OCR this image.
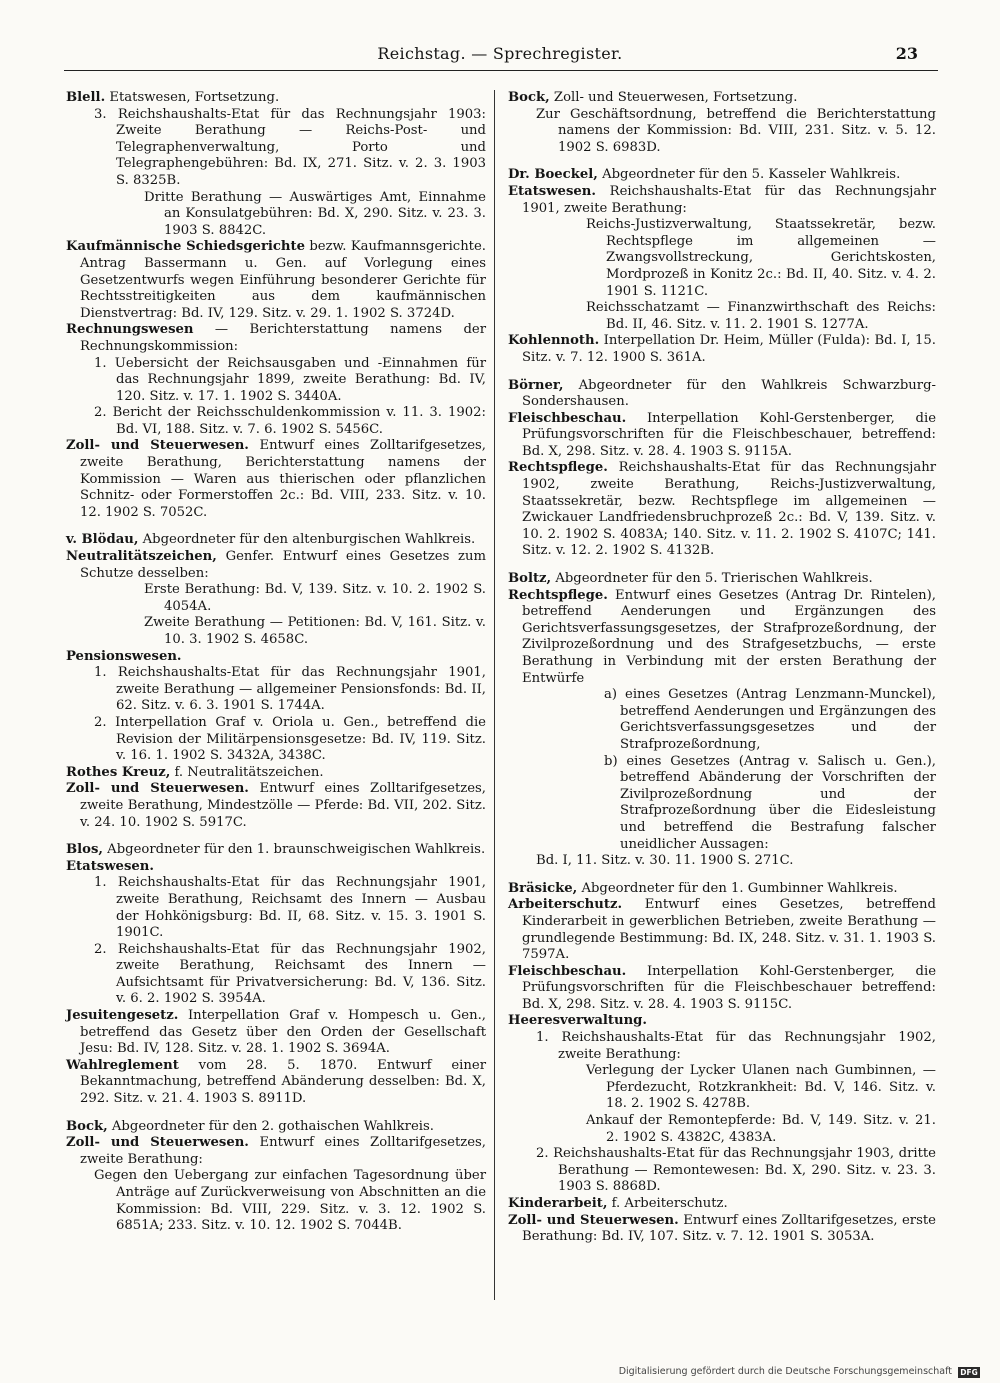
Reichstag. — Sprechregister.	23

Blell. Etatswesen, Fortsetzung.

3. Reichshaushalts-Etat für das Rechnungsjahr 1903: Zweite Berathung — Reichs-Post- und Telegraphenverwaltung, Porto und Telegraphengebühren: Bd. IX, 271. Sitz. v. 2. 3. 1903 S. 8325B.

Dritte Berathung — Auswärtiges Amt, Einnahme an Konsulatgebühren: Bd. X, 290. Sitz. v. 23. 3. 1903 S. 8842C.

Kaufmännische Schiedsgerichte bezw. Kaufmannsgerichte. Antrag Bassermann u. Gen. auf Vorlegung eines Gesetzentwurfs wegen Einführung besonderer Gerichte für Rechtsstreitigkeiten aus dem kaufmännischen Dienstvertrag: Bd. IV, 129. Sitz. v. 29. 1. 1902 S. 3724D.

Rechnungswesen — Berichterstattung namens der Rechnungskommission:

1. Uebersicht der Reichsausgaben und -Einnahmen für das Rechnungsjahr 1899, zweite Berathung: Bd. IV, 120. Sitz. v. 17. 1. 1902 S. 3440A.

2. Bericht der Reichsschuldenkommission v. 11. 3. 1902: Bd. VI, 188. Sitz. v. 7. 6. 1902 S. 5456C.

Zoll- und Steuerwesen. Entwurf eines Zolltarifgesetzes, zweite Berathung, Berichterstattung namens der Kommission — Waren aus thierischen oder pflanzlichen Schnitz- oder Formerstoffen 2c.: Bd. VIII, 233. Sitz. v. 10. 12. 1902 S. 7052C.

v. Blödau, Abgeordneter für den altenburgischen Wahlkreis.

Neutralitätszeichen, Genfer. Entwurf eines Gesetzes zum Schutze desselben:

Erste Berathung: Bd. V, 139. Sitz. v. 10. 2. 1902 S. 4054A.

Zweite Berathung — Petitionen: Bd. V, 161. Sitz. v. 10. 3. 1902 S. 4658C.

Pensionswesen.

1. Reichshaushalts-Etat für das Rechnungsjahr 1901, zweite Berathung — allgemeiner Pensionsfonds: Bd. II, 62. Sitz. v. 6. 3. 1901 S. 1744A.

2. Interpellation Graf v. Oriola u. Gen., betreffend die Revision der Militärpensionsgesetze: Bd. IV, 119. Sitz. v. 16. 1. 1902 S. 3432A, 3438C.

Rothes Kreuz, f. Neutralitätszeichen.

Zoll- und Steuerwesen. Entwurf eines Zolltarifgesetzes, zweite Berathung, Mindestzölle — Pferde: Bd. VII, 202. Sitz. v. 24. 10. 1902 S. 5917C.

Blos, Abgeordneter für den 1. braunschweigischen Wahlkreis.

Etatswesen.

1. Reichshaushalts-Etat für das Rechnungsjahr 1901, zweite Berathung, Reichsamt des Innern — Ausbau der Hohkönigsburg: Bd. II, 68. Sitz. v. 15. 3. 1901 S. 1901C.

2. Reichshaushalts-Etat für das Rechnungsjahr 1902, zweite Berathung, Reichsamt des Innern — Aufsichtsamt für Privatversicherung: Bd. V, 136. Sitz. v. 6. 2. 1902 S. 3954A.

Jesuitengesetz. Interpellation Graf v. Hompesch u. Gen., betreffend das Gesetz über den Orden der Gesellschaft Jesu: Bd. IV, 128. Sitz. v. 28. 1. 1902 S. 3694A.

Wahlreglement vom 28. 5. 1870. Entwurf einer Bekanntmachung, betreffend Abänderung desselben: Bd. X, 292. Sitz. v. 21. 4. 1903 S. 8911D.

Bock, Abgeordneter für den 2. gothaischen Wahlkreis.

Zoll- und Steuerwesen. Entwurf eines Zolltarifgesetzes, zweite Berathung:

Gegen den Uebergang zur einfachen Tagesordnung über Anträge auf Zurückverweisung von Abschnitten an die Kommission: Bd. VIII, 229. Sitz. v. 3. 12. 1902 S. 6851A; 233. Sitz. v. 10. 12. 1902 S. 7044B.

Bock, Zoll- und Steuerwesen, Fortsetzung.

Zur Geschäftsordnung, betreffend die Berichterstattung namens der Kommission: Bd. VIII, 231. Sitz. v. 5. 12. 1902 S. 6983D.

Dr. Boeckel, Abgeordneter für den 5. Kasseler Wahlkreis.

Etatswesen. Reichshaushalts-Etat für das Rechnungsjahr 1901, zweite Berathung:

Reichs-Justizverwaltung, Staatssekretär, bezw. Rechtspflege im allgemeinen — Zwangsvollstreckung, Gerichtskosten, Mordprozeß in Konitz 2c.: Bd. II, 40. Sitz. v. 4. 2. 1901 S. 1121C.

Reichsschatzamt — Finanzwirthschaft des Reichs: Bd. II, 46. Sitz. v. 11. 2. 1901 S. 1277A.

Kohlennoth. Interpellation Dr. Heim, Müller (Fulda): Bd. I, 15. Sitz. v. 7. 12. 1900 S. 361A.

Börner, Abgeordneter für den Wahlkreis Schwarzburg-Sondershausen.

Fleischbeschau. Interpellation Kohl-Gerstenberger, die Prüfungsvorschriften für die Fleischbeschauer, betreffend: Bd. X, 298. Sitz. v. 28. 4. 1903 S. 9115A.

Rechtspflege. Reichshaushalts-Etat für das Rechnungsjahr 1902, zweite Berathung, Reichs-Justizverwaltung, Staatssekretär, bezw. Rechtspflege im allgemeinen — Zwickauer Landfriedensbruchprozeß 2c.: Bd. V, 139. Sitz. v. 10. 2. 1902 S. 4083A; 140. Sitz. v. 11. 2. 1902 S. 4107C; 141. Sitz. v. 12. 2. 1902 S. 4132B.

Boltz, Abgeordneter für den 5. Trierischen Wahlkreis.

Rechtspflege. Entwurf eines Gesetzes (Antrag Dr. Rintelen), betreffend Aenderungen und Ergänzungen des Gerichtsverfassungsgesetzes, der Strafprozeßordnung, der Zivilprozeßordnung und des Strafgesetzbuchs, — erste Berathung in Verbindung mit der ersten Berathung der Entwürfe

a) eines Gesetzes (Antrag Lenzmann-Munckel), betreffend Aenderungen und Ergänzungen des Gerichtsverfassungsgesetzes und der Strafprozeßordnung,

b) eines Gesetzes (Antrag v. Salisch u. Gen.), betreffend Abänderung der Vorschriften der Zivilprozeßordnung und der Strafprozeßordnung über die Eidesleistung und betreffend die Bestrafung falscher uneidlicher Aussagen:

Bd. I, 11. Sitz. v. 30. 11. 1900 S. 271C.

Bräsicke, Abgeordneter für den 1. Gumbinner Wahlkreis.

Arbeiterschutz. Entwurf eines Gesetzes, betreffend Kinderarbeit in gewerblichen Betrieben, zweite Berathung — grundlegende Bestimmung: Bd. IX, 248. Sitz. v. 31. 1. 1903 S. 7597A.

Fleischbeschau. Interpellation Kohl-Gerstenberger, die Prüfungsvorschriften für die Fleischbeschauer betreffend: Bd. X, 298. Sitz. v. 28. 4. 1903 S. 9115C.

Heeresverwaltung.

1. Reichshaushalts-Etat für das Rechnungsjahr 1902, zweite Berathung:

Verlegung der Lycker Ulanen nach Gumbinnen, — Pferdezucht, Rotzkrankheit: Bd. V, 146. Sitz. v. 18. 2. 1902 S. 4278B.

Ankauf der Remontepferde: Bd. V, 149. Sitz. v. 21. 2. 1902 S. 4382C, 4383A.

2. Reichshaushalts-Etat für das Rechnungsjahr 1903, dritte Berathung — Remontewesen: Bd. X, 290. Sitz. v. 23. 3. 1903 S. 8868D.

Kinderarbeit, f. Arbeiterschutz.

Zoll- und Steuerwesen. Entwurf eines Zolltarifgesetzes, erste Berathung: Bd. IV, 107. Sitz. v. 7. 12. 1901 S. 3053A.

Digitalisierung gefördert durch die Deutsche Forschungsgemeinschaft DFG
